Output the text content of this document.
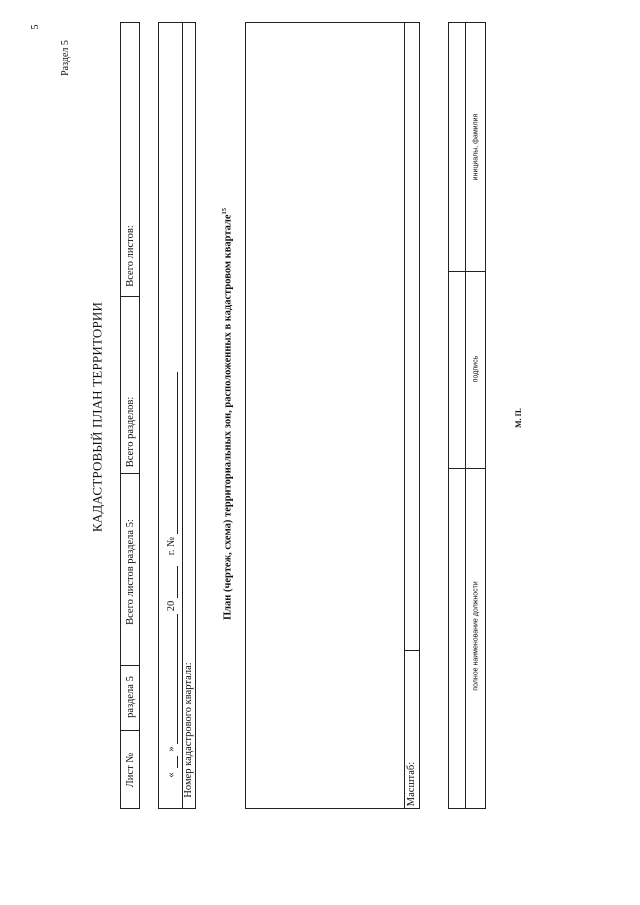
5
Раздел 5
КАДАСТРОВЫЙ ПЛАН ТЕРРИТОРИИ
Лист №
раздела 5
Всего листов раздела 5:
Всего разделов:
Всего листов:
«
»
20
г. №
Номер кадастрового квартала:
План (чертеж, схема) территориальных зон, расположенных в кадастровом квартале$^{15}$
Масштаб:
полное наименование должности
подпись
инициалы, фамилия
М. П.
